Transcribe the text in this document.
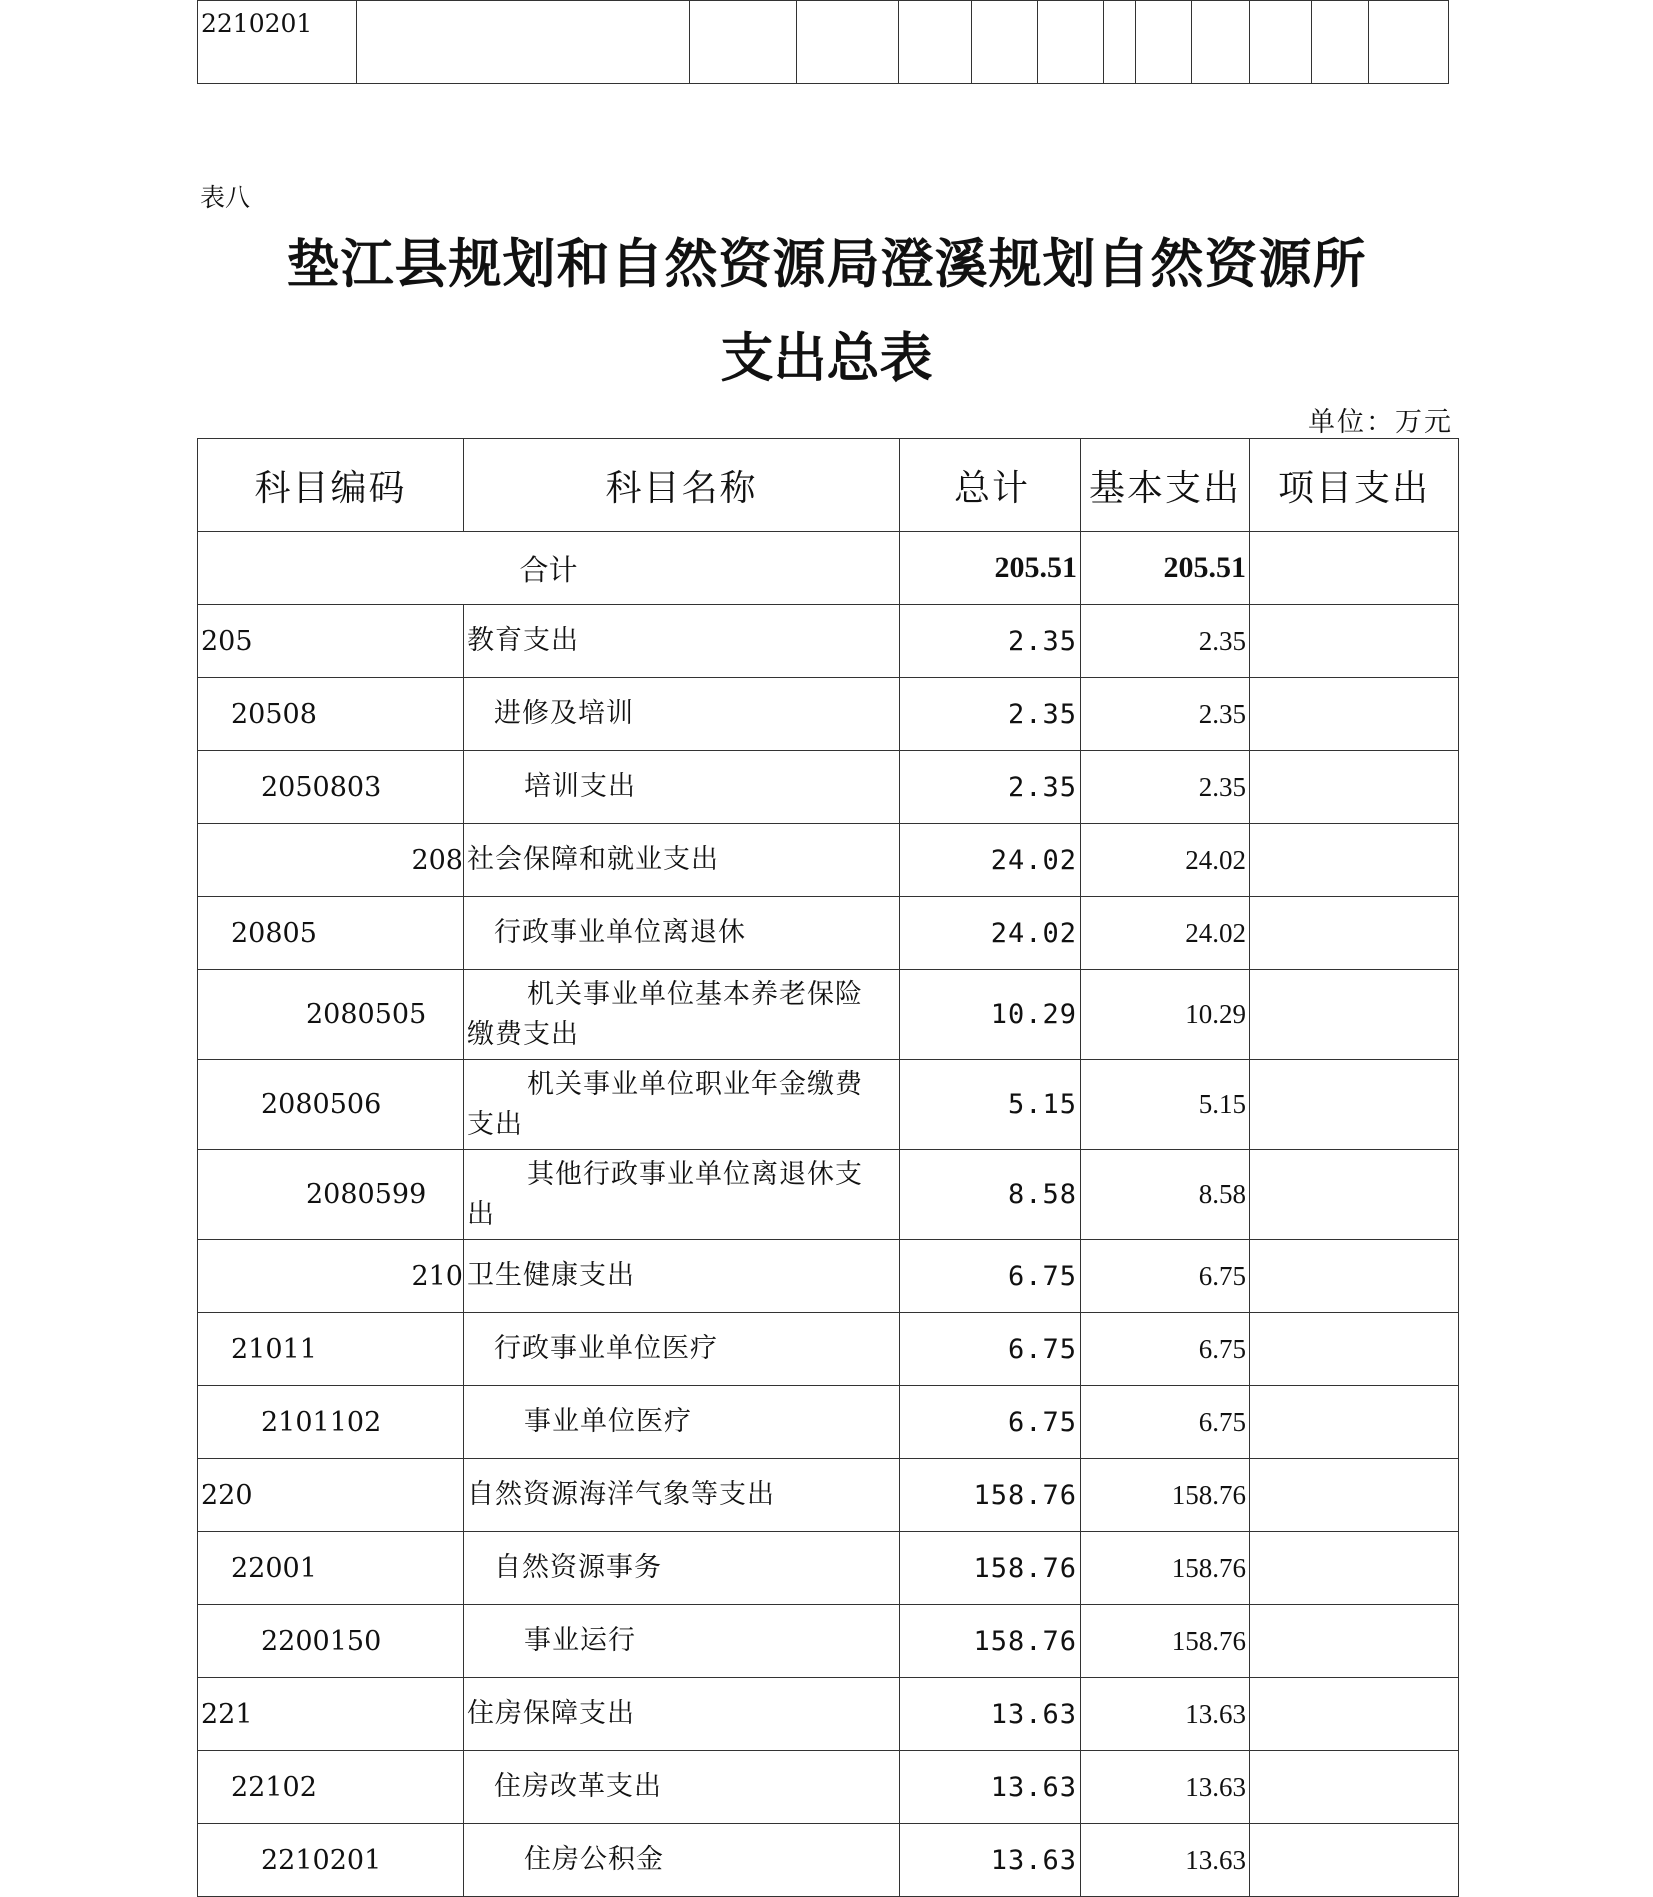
2210201
表八
垫江县规划和自然资源局澄溪规划自然资源所
支出总表
单位：万元
科目编码	科目名称	总计	基本支出	项目支出
合计		205.51	205.51	
205	教育支出	2.35	2.35	
20508	进修及培训	2.35	2.35	
2050803	培训支出	2.35	2.35	
208	社会保障和就业支出	24.02	24.02	
20805	行政事业单位离退休	24.02	24.02	
2080505	机关事业单位基本养老保险
缴费支出	10.29	10.29	
2080506	机关事业单位职业年金缴费
支出	5.15	5.15	
2080599	其他行政事业单位离退休支
出	8.58	8.58	
210	卫生健康支出	6.75	6.75	
21011	行政事业单位医疗	6.75	6.75	
2101102	事业单位医疗	6.75	6.75	
220	自然资源海洋气象等支出	158.76	158.76	
22001	自然资源事务	158.76	158.76	
2200150	事业运行	158.76	158.76	
221	住房保障支出	13.63	13.63	
22102	住房改革支出	13.63	13.63	
2210201	住房公积金	13.63	13.63	
